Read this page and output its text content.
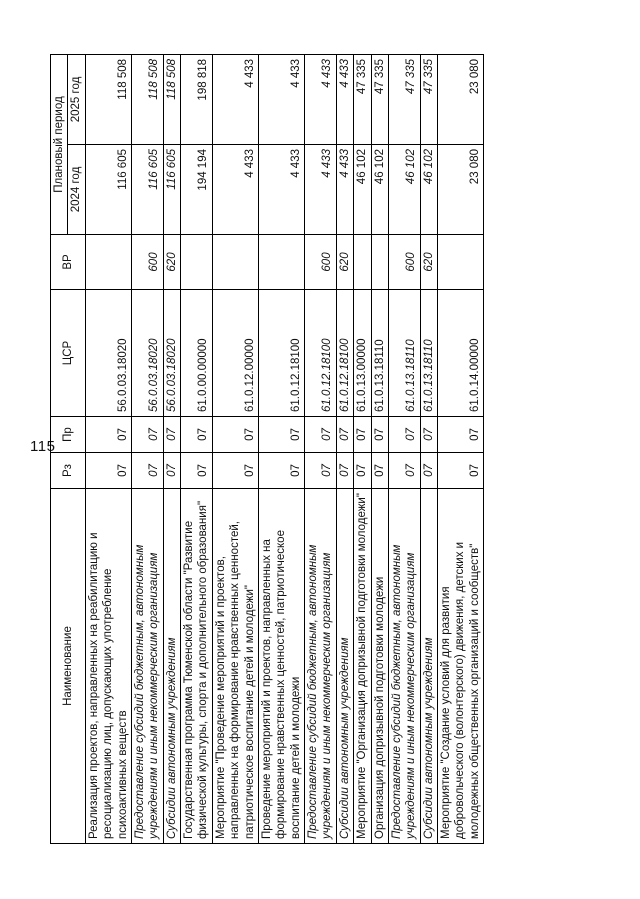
115
Наименование	Рз	Пр	ЦСР	ВР	Плановый период	
					2024 год	2025 год
Реализация проектов, направленных на реабилитацию и ресоциализацию лиц, допускающих употребление психоактивных веществ	07	07	56.0.03.18020		116 605	118 508
Предоставление субсидий бюджетным, автономным учреждениям и иным некоммерческим организациям	07	07	56.0.03.18020	600	116 605	118 508
Субсидии автономным учреждениям	07	07	56.0.03.18020	620	116 605	118 508
Государственная программа Тюменской области "Развитие физической культуры, спорта и дополнительного образования"	07	07	61.0.00.00000		194 194	198 818
Мероприятие "Проведение мероприятий и проектов, направленных на формирование нравственных ценностей, патриотическое воспитание детей и молодежи"	07	07	61.0.12.00000		4 433	4 433
Проведение мероприятий и проектов, направленных на формирование нравственных ценностей, патриотическое воспитание детей и молодежи	07	07	61.0.12.18100		4 433	4 433
Предоставление субсидий бюджетным, автономным учреждениям и иным некоммерческим организациям	07	07	61.0.12.18100	600	4 433	4 433
Субсидии автономным учреждениям	07	07	61.0.12.18100	620	4 433	4 433
Мероприятие "Организация допризывной подготовки молодежи"	07	07	61.0.13.00000		46 102	47 335
Организация допризывной подготовки молодежи	07	07	61.0.13.18110		46 102	47 335
Предоставление субсидий бюджетным, автономным учреждениям и иным некоммерческим организациям	07	07	61.0.13.18110	600	46 102	47 335
Субсидии автономным учреждениям	07	07	61.0.13.18110	620	46 102	47 335
Мероприятие "Создание условий для развития добровольческого (волонтерского) движения, детских и молодежных общественных организаций и сообществ"	07	07	61.0.14.00000		23 080	23 080
